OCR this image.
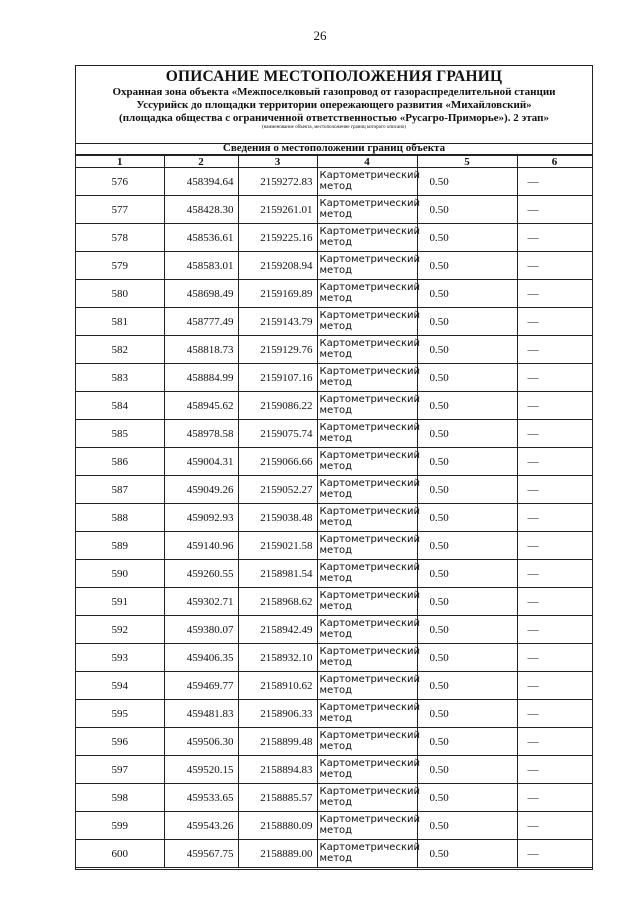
26
ОПИСАНИЕ МЕСТОПОЛОЖЕНИЯ ГРАНИЦ
Охранная зона объекта «Межпоселковый газопровод от газораспределительной станции
Уссурийск до площадки территории опережающего развития «Михайловский»
(площадка общества с ограниченной ответственностью «Русагро-Приморье»). 2 этап»
(наименование объекта, местоположение границ которого описано)
Сведения о местоположении границ объекта
1	2	3	4	5	6
576	458394.64	2159272.83	Картометрический метод	0.50	—
577	458428.30	2159261.01	Картометрический метод	0.50	—
578	458536.61	2159225.16	Картометрический метод	0.50	—
579	458583.01	2159208.94	Картометрический метод	0.50	—
580	458698.49	2159169.89	Картометрический метод	0.50	—
581	458777.49	2159143.79	Картометрический метод	0.50	—
582	458818.73	2159129.76	Картометрический метод	0.50	—
583	458884.99	2159107.16	Картометрический метод	0.50	—
584	458945.62	2159086.22	Картометрический метод	0.50	—
585	458978.58	2159075.74	Картометрический метод	0.50	—
586	459004.31	2159066.66	Картометрический метод	0.50	—
587	459049.26	2159052.27	Картометрический метод	0.50	—
588	459092.93	2159038.48	Картометрический метод	0.50	—
589	459140.96	2159021.58	Картометрический метод	0.50	—
590	459260.55	2158981.54	Картометрический метод	0.50	—
591	459302.71	2158968.62	Картометрический метод	0.50	—
592	459380.07	2158942.49	Картометрический метод	0.50	—
593	459406.35	2158932.10	Картометрический метод	0.50	—
594	459469.77	2158910.62	Картометрический метод	0.50	—
595	459481.83	2158906.33	Картометрический метод	0.50	—
596	459506.30	2158899.48	Картометрический метод	0.50	—
597	459520.15	2158894.83	Картометрический метод	0.50	—
598	459533.65	2158885.57	Картометрический метод	0.50	—
599	459543.26	2158880.09	Картометрический метод	0.50	—
600	459567.75	2158889.00	Картометрический метод	0.50	—
